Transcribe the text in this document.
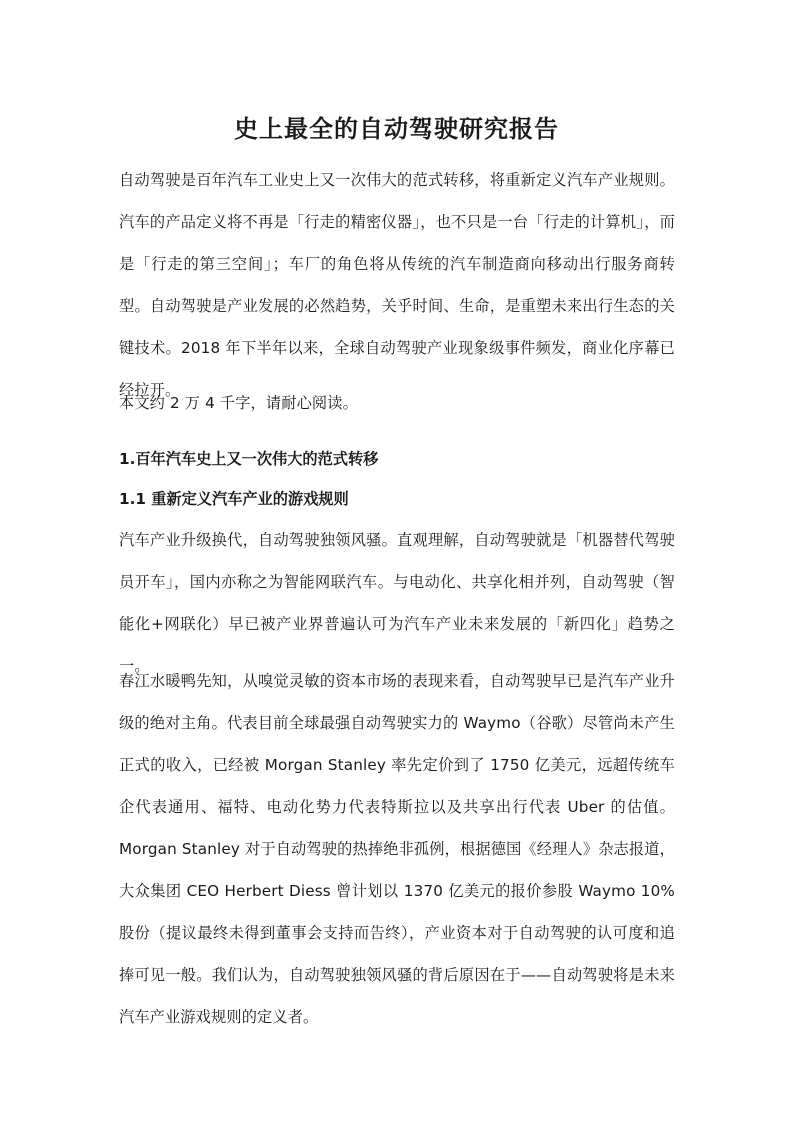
史上最全的自动驾驶研究报告

自动驾驶是百年汽车工业史上又一次伟大的范式转移，将重新定义汽车产业规则。汽车的产品定义将不再是「行走的精密仪器」，也不只是一台「行走的计算机」，而是「行走的第三空间」；车厂的角色将从传统的汽车制造商向移动出行服务商转型。自动驾驶是产业发展的必然趋势，关乎时间、生命，是重塑未来出行生态的关键技术。2018 年下半年以来，全球自动驾驶产业现象级事件频发，商业化序幕已经拉开。

本文约 2 万 4 千字，请耐心阅读。

1.百年汽车史上又一次伟大的范式转移
1.1 重新定义汽车产业的游戏规则

汽车产业升级换代，自动驾驶独领风骚。直观理解，自动驾驶就是「机器替代驾驶员开车」，国内亦称之为智能网联汽车。与电动化、共享化相并列，自动驾驶（智能化+网联化）早已被产业界普遍认可为汽车产业未来发展的「新四化」趋势之一。

春江水暖鸭先知，从嗅觉灵敏的资本市场的表现来看，自动驾驶早已是汽车产业升级的绝对主角。代表目前全球最强自动驾驶实力的 Waymo（谷歌）尽管尚未产生正式的收入，已经被 Morgan Stanley 率先定价到了 1750 亿美元，远超传统车企代表通用、福特、电动化势力代表特斯拉以及共享出行代表 Uber 的估值。Morgan Stanley 对于自动驾驶的热捧绝非孤例，根据德国《经理人》杂志报道，大众集团 CEO Herbert Diess 曾计划以 1370 亿美元的报价参股 Waymo 10% 股份（提议最终未得到董事会支持而告终），产业资本对于自动驾驶的认可度和追捧可见一般。我们认为，自动驾驶独领风骚的背后原因在于——自动驾驶将是未来汽车产业游戏规则的定义者。
